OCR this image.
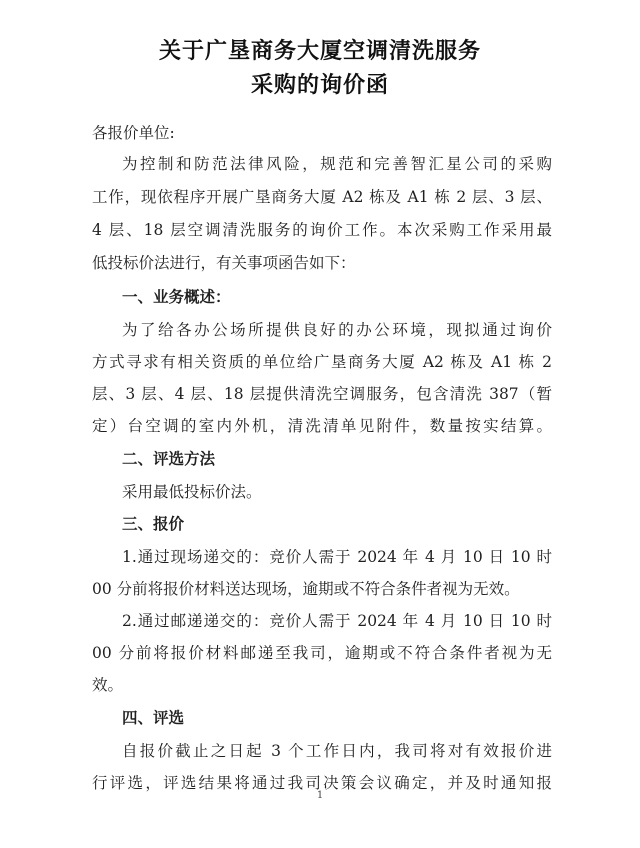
关于广垦商务大厦空调清洗服务
采购的询价函
各报价单位:
为控制和防范法律风险，规范和完善智汇星公司的采购
工作，现依程序开展广垦商务大厦 A2 栋及 A1 栋 2 层、3 层、
4 层、18 层空调清洗服务的询价工作。本次采购工作采用最
低投标价法进行，有关事项函告如下：
一、业务概述：
为了给各办公场所提供良好的办公环境，现拟通过询价
方式寻求有相关资质的单位给广垦商务大厦 A2 栋及 A1 栋 2
层、3 层、4 层、18 层提供清洗空调服务，包含清洗 387（暂
定）台空调的室内外机，清洗清单见附件，数量按实结算。
二、评选方法
采用最低投标价法。
三、报价
1.通过现场递交的：竞价人需于 2024 年 4 月 10 日 10 时
00 分前将报价材料送达现场，逾期或不符合条件者视为无效。
2.通过邮递递交的：竞价人需于 2024 年 4 月 10 日 10 时
00 分前将报价材料邮递至我司，逾期或不符合条件者视为无
效。
四、评选
自报价截止之日起 3 个工作日内，我司将对有效报价进
行评选，评选结果将通过我司决策会议确定，并及时通知报
1
